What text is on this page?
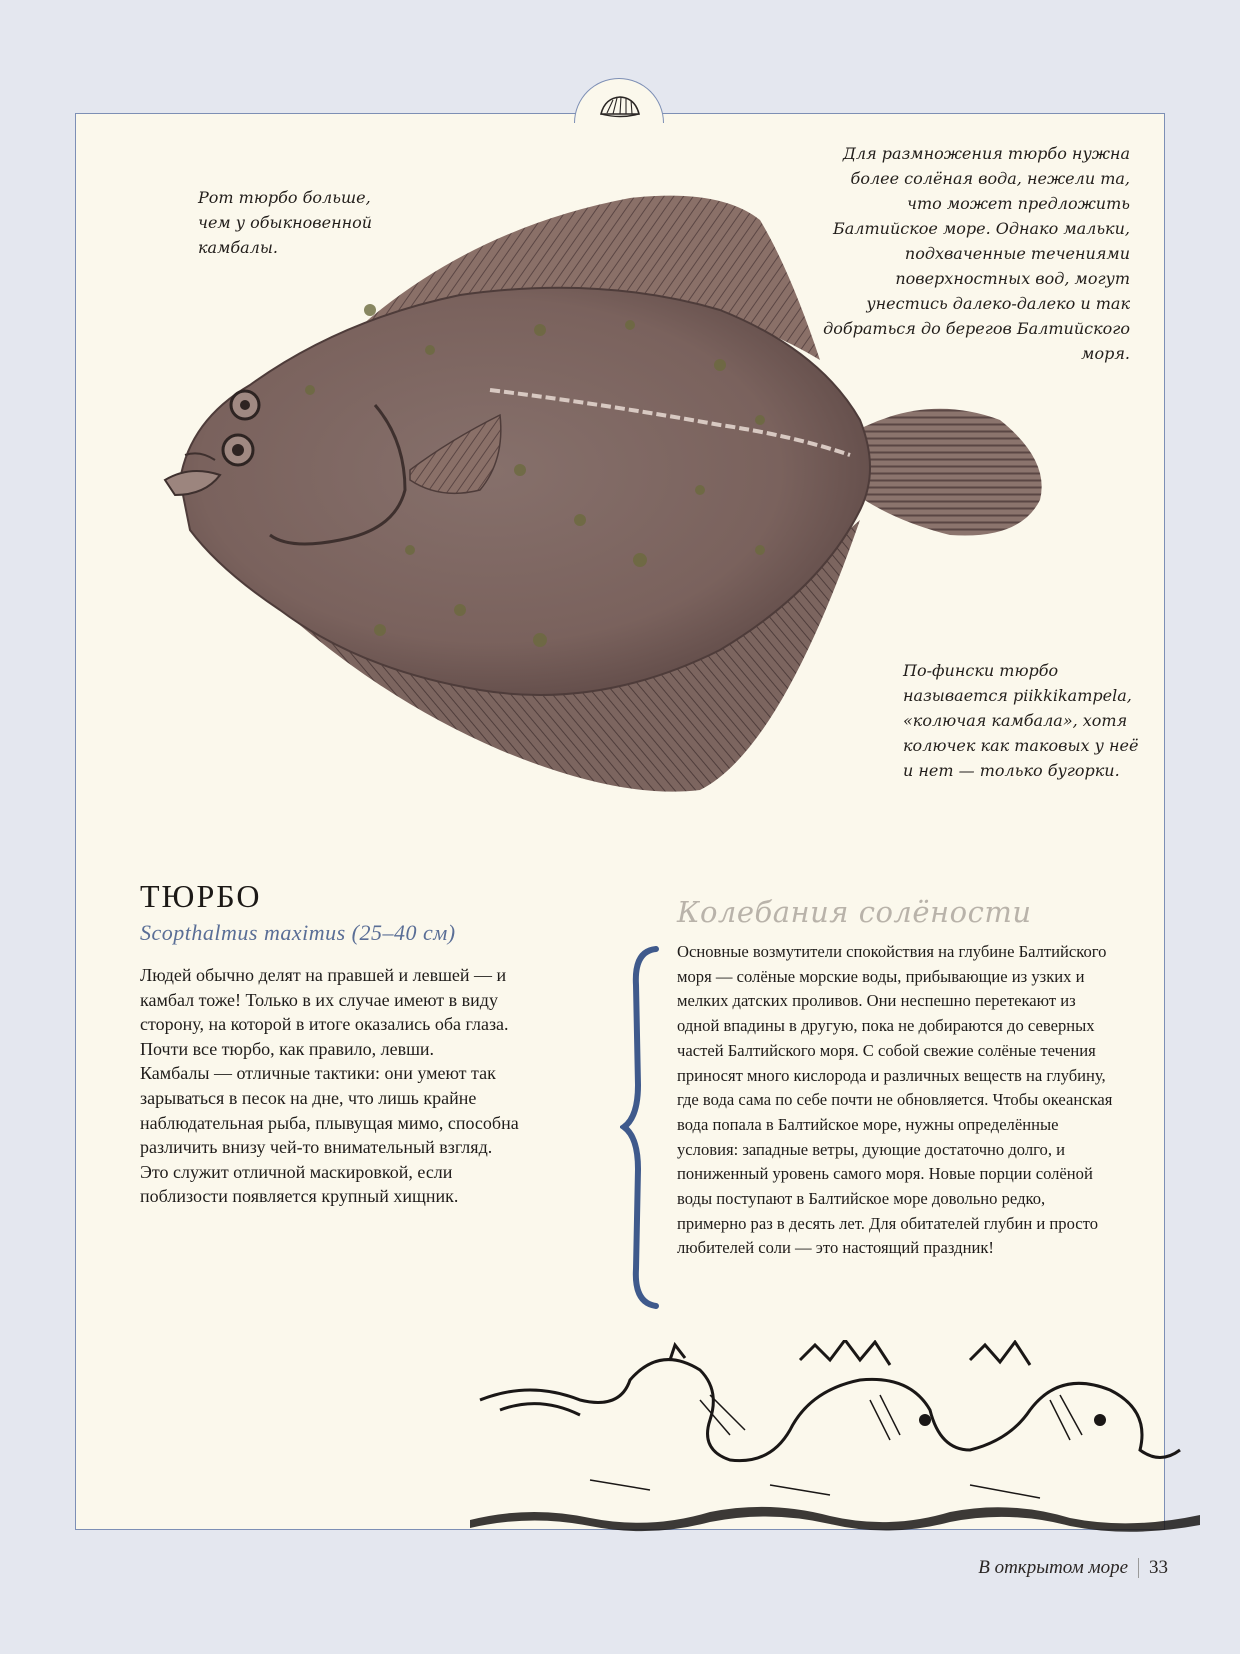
Рот тюрбо больше, чем у обыкновенной камбалы.

Для размножения тюрбо нужна более солёная вода, нежели та, что может предложить Балтийское море. Однако мальки, подхваченные течениями поверхностных вод, могут унестись далеко-далеко и так добраться до берегов Балтийского моря.

По-фински тюрбо называется piikkikampela, «колючая камбала», хотя колючек как таковых у неё и нет — только бугорки.

ТЮРБО

Scopthalmus maximus (25–40 см)

Людей обычно делят на правшей и левшей — и камбал тоже! Только в их случае имеют в виду сторону, на которой в итоге оказались оба глаза. Почти все тюрбо, как правило, левши.

Камбалы — отличные тактики: они умеют так зарываться в песок на дне, что лишь крайне наблюдательная рыба, плывущая мимо, способна различить внизу чей-то внимательный взгляд. Это служит отличной маскировкой, если поблизости появляется крупный хищник.

Колебания солёности

Основные возмутители спокойствия на глубине Балтийского моря — солёные морские воды, прибывающие из узких и мелких датских проливов. Они неспешно перетекают из одной впадины в другую, пока не добираются до северных частей Балтийского моря. С собой свежие солёные течения приносят много кислорода и различных веществ на глубину, где вода сама по себе почти не обновляется. Чтобы океанская вода попала в Балтийское море, нужны определённые условия: западные ветры, дующие достаточно долго, и пониженный уровень самого моря. Новые порции солёной воды поступают в Балтийское море довольно редко, примерно раз в десять лет. Для обитателей глубин и просто любителей соли — это настоящий праздник!

В открытом море 33
